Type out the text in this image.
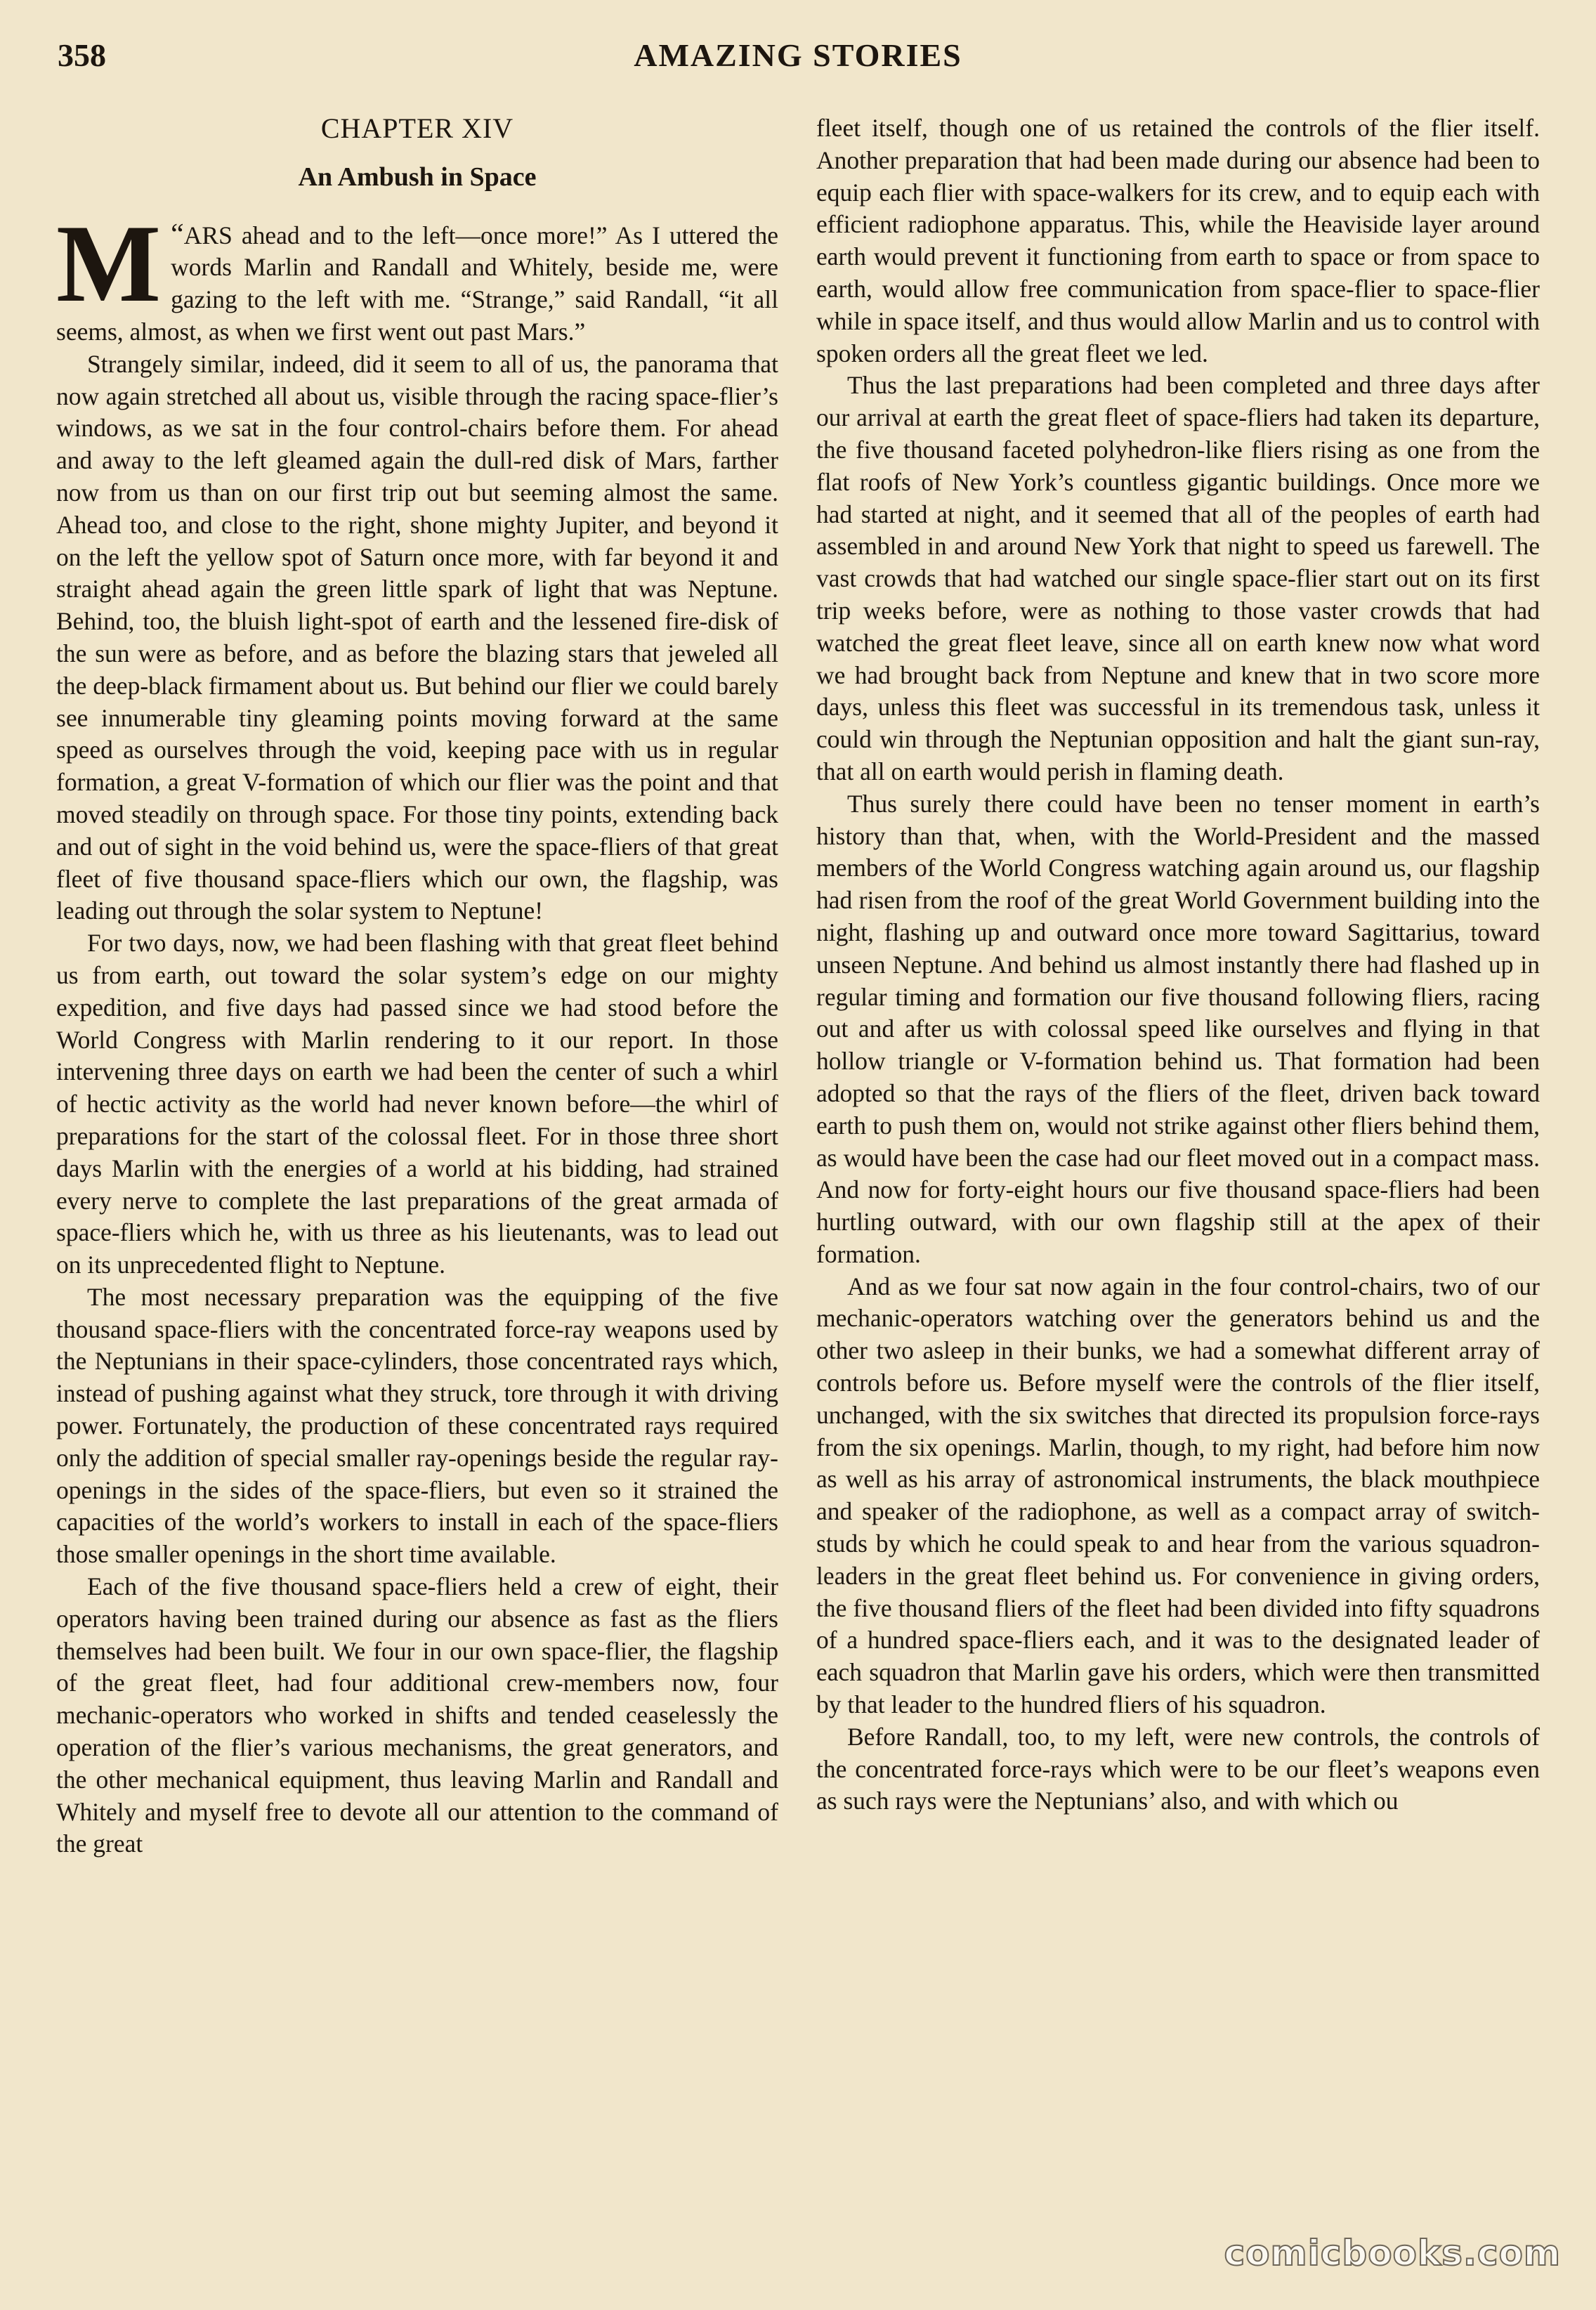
358	AMAZING STORIES
CHAPTER XIV
An Ambush in Space

“
M ARS ahead and to the left—once more!” As I uttered the words Marlin and Randall and Whitely, beside me, were gazing to the left with me. “Strange,” said Randall, “it all seems, almost, as when we first went out past Mars.”

Strangely similar, indeed, did it seem to all of us, the panorama that now again stretched all about us, visible through the racing space-flier’s windows, as we sat in the four control-chairs before them. For ahead and away to the left gleamed again the dull-red disk of Mars, farther now from us than on our first trip out but seeming almost the same. Ahead too, and close to the right, shone mighty Jupiter, and beyond it on the left the yellow spot of Saturn once more, with far beyond it and straight ahead again the green little spark of light that was Neptune. Behind, too, the bluish light-spot of earth and the lessened fire-disk of the sun were as before, and as before the blazing stars that jeweled all the deep-black firmament about us. But behind our flier we could barely see innumerable tiny gleaming points moving forward at the same speed as ourselves through the void, keeping pace with us in regular formation, a great V-formation of which our flier was the point and that moved steadily on through space. For those tiny points, extending back and out of sight in the void behind us, were the space-fliers of that great fleet of five thousand space-fliers which our own, the flagship, was leading out through the solar system to Neptune!

For two days, now, we had been flashing with that great fleet behind us from earth, out toward the solar system’s edge on our mighty expedition, and five days had passed since we had stood before the World Congress with Marlin rendering to it our report. In those intervening three days on earth we had been the center of such a whirl of hectic activity as the world had never known before—the whirl of preparations for the start of the colossal fleet. For in those three short days Marlin with the energies of a world at his bidding, had strained every nerve to complete the last preparations of the great armada of space-fliers which he, with us three as his lieutenants, was to lead out on its unprecedented flight to Neptune.

The most necessary preparation was the equipping of the five thousand space-fliers with the concentrated force-ray weapons used by the Neptunians in their space-cylinders, those concentrated rays which, instead of pushing against what they struck, tore through it with driving power. Fortunately, the production of these concentrated rays required only the addition of special smaller ray-openings beside the regular ray-openings in the sides of the space-fliers, but even so it strained the capacities of the world’s workers to install in each of the space-fliers those smaller openings in the short time available.

Each of the five thousand space-fliers held a crew of eight, their operators having been trained during our absence as fast as the fliers themselves had been built. We four in our own space-flier, the flagship of the great fleet, had four additional crew-members now, four mechanic-operators who worked in shifts and tended ceaselessly the operation of the flier’s various mechanisms, the great generators, and the other mechanical equipment, thus leaving Marlin and Randall and Whitely and myself free to devote all our attention to the command of the great

fleet itself, though one of us retained the controls of the flier itself. Another preparation that had been made during our absence had been to equip each flier with space-walkers for its crew, and to equip each with efficient radiophone apparatus. This, while the Heaviside layer around earth would prevent it functioning from earth to space or from space to earth, would allow free communication from space-flier to space-flier while in space itself, and thus would allow Marlin and us to control with spoken orders all the great fleet we led.

Thus the last preparations had been completed and three days after our arrival at earth the great fleet of space-fliers had taken its departure, the five thousand faceted polyhedron-like fliers rising as one from the flat roofs of New York’s countless gigantic buildings. Once more we had started at night, and it seemed that all of the peoples of earth had assembled in and around New York that night to speed us farewell. The vast crowds that had watched our single space-flier start out on its first trip weeks before, were as nothing to those vaster crowds that had watched the great fleet leave, since all on earth knew now what word we had brought back from Neptune and knew that in two score more days, unless this fleet was successful in its tremendous task, unless it could win through the Neptunian opposition and halt the giant sun-ray, that all on earth would perish in flaming death.

Thus surely there could have been no tenser moment in earth’s history than that, when, with the World-President and the massed members of the World Congress watching again around us, our flagship had risen from the roof of the great World Government building into the night, flashing up and outward once more toward Sagittarius, toward unseen Neptune. And behind us almost instantly there had flashed up in regular timing and formation our five thousand following fliers, racing out and after us with colossal speed like ourselves and flying in that hollow triangle or V-formation behind us. That formation had been adopted so that the rays of the fliers of the fleet, driven back toward earth to push them on, would not strike against other fliers behind them, as would have been the case had our fleet moved out in a compact mass. And now for forty-eight hours our five thousand space-fliers had been hurtling outward, with our own flagship still at the apex of their formation.

And as we four sat now again in the four control-chairs, two of our mechanic-operators watching over the generators behind us and the other two asleep in their bunks, we had a somewhat different array of controls before us. Before myself were the controls of the flier itself, unchanged, with the six switches that directed its propulsion force-rays from the six openings. Marlin, though, to my right, had before him now as well as his array of astronomical instruments, the black mouthpiece and speaker of the radiophone, as well as a compact array of switch-studs by which he could speak to and hear from the various squadron-leaders in the great fleet behind us. For convenience in giving orders, the five thousand fliers of the fleet had been divided into fifty squadrons of a hundred space-fliers each, and it was to the designated leader of each squadron that Marlin gave his orders, which were then transmitted by that leader to the hundred fliers of his squadron.

Before Randall, too, to my left, were new controls, the controls of the concentrated force-rays which were to be our fleet’s weapons even as such rays were the Neptunians’ also, and with which ou

comicbooks.com
